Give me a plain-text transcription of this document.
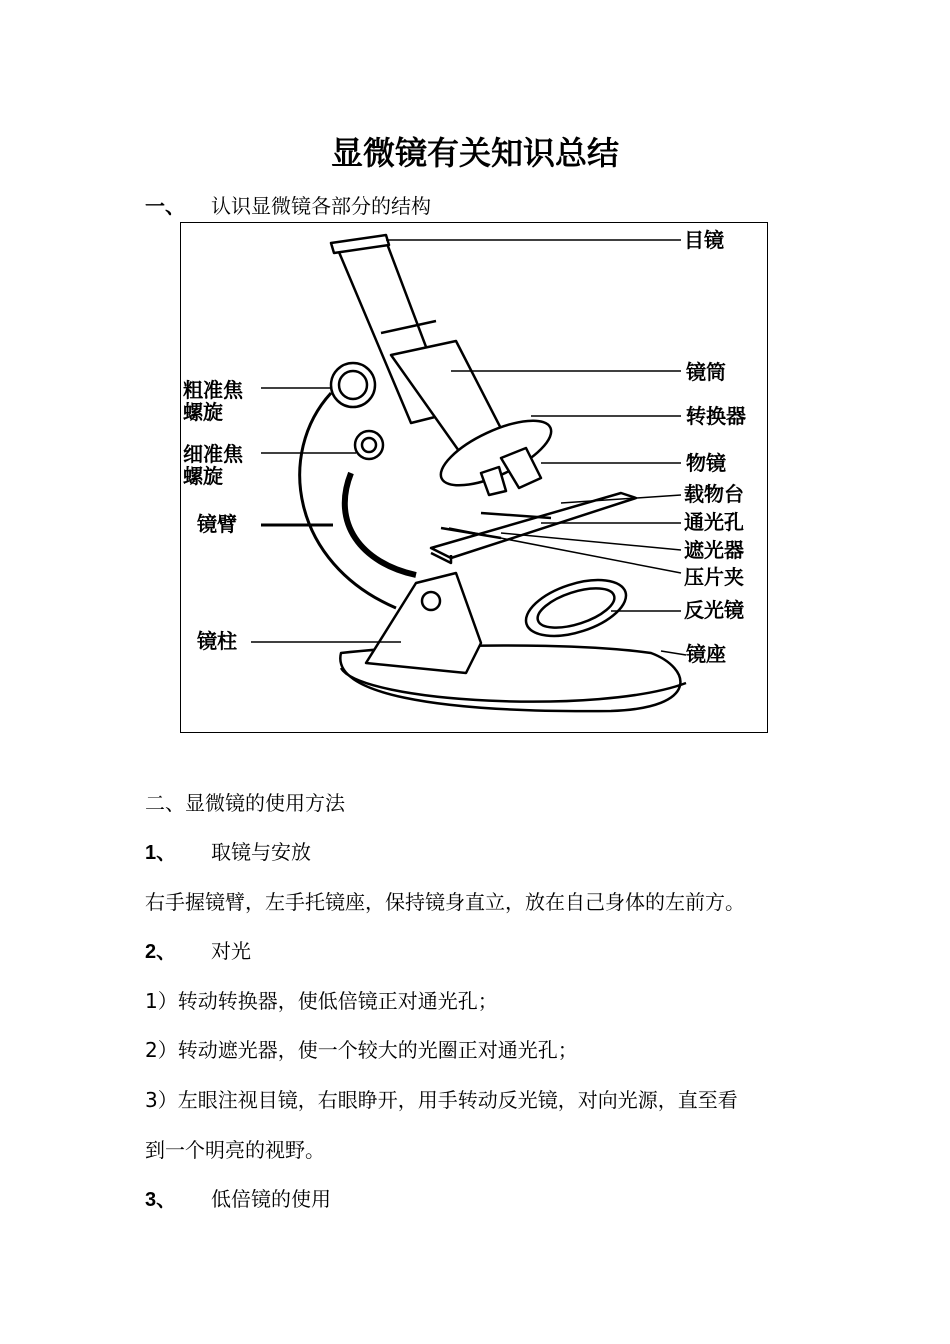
显微镜有关知识总结
一、 认识显微镜各部分的结构
目镜
镜筒
转换器
物镜
载物台
通光孔
遮光器
压片夹
反光镜
镜座
粗准焦
螺旋
细准焦
螺旋
镜臂
镜柱
二、显微镜的使用方法
1、 取镜与安放
右手握镜臂，左手托镜座，保持镜身直立，放在自己身体的左前方。
2、 对光
1）转动转换器，使低倍镜正对通光孔；
2）转动遮光器，使一个较大的光圈正对通光孔；
3）左眼注视目镜，右眼睁开，用手转动反光镜，对向光源，直至看
到一个明亮的视野。
3、 低倍镜的使用
